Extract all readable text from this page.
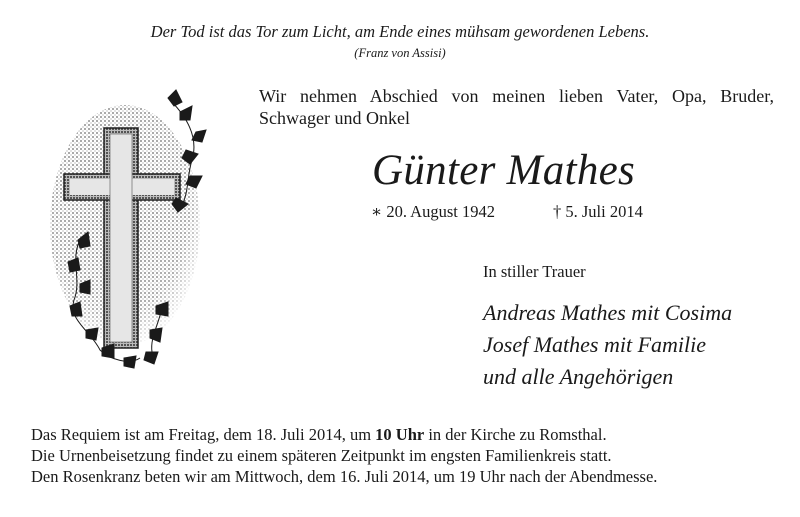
Der Tod ist das Tor zum Licht, am Ende eines mühsam gewordenen Lebens.
(Franz von Assisi)
Wir nehmen Abschied von meinen lieben Vater, Opa, Bruder, Schwager und Onkel
Günter Mathes
∗ 20. August 1942	† 5. Juli 2014
In stiller Trauer
Andreas Mathes mit Cosima
Josef Mathes mit Familie
und alle Angehörigen
Das Requiem ist am Freitag, dem 18. Juli 2014, um 10 Uhr in der Kirche zu Romsthal.
Die Urnenbeisetzung findet zu einem späteren Zeitpunkt im engsten Familienkreis statt.
Den Rosenkranz beten wir am Mittwoch, dem 16. Juli 2014, um 19 Uhr nach der Abendmesse.
